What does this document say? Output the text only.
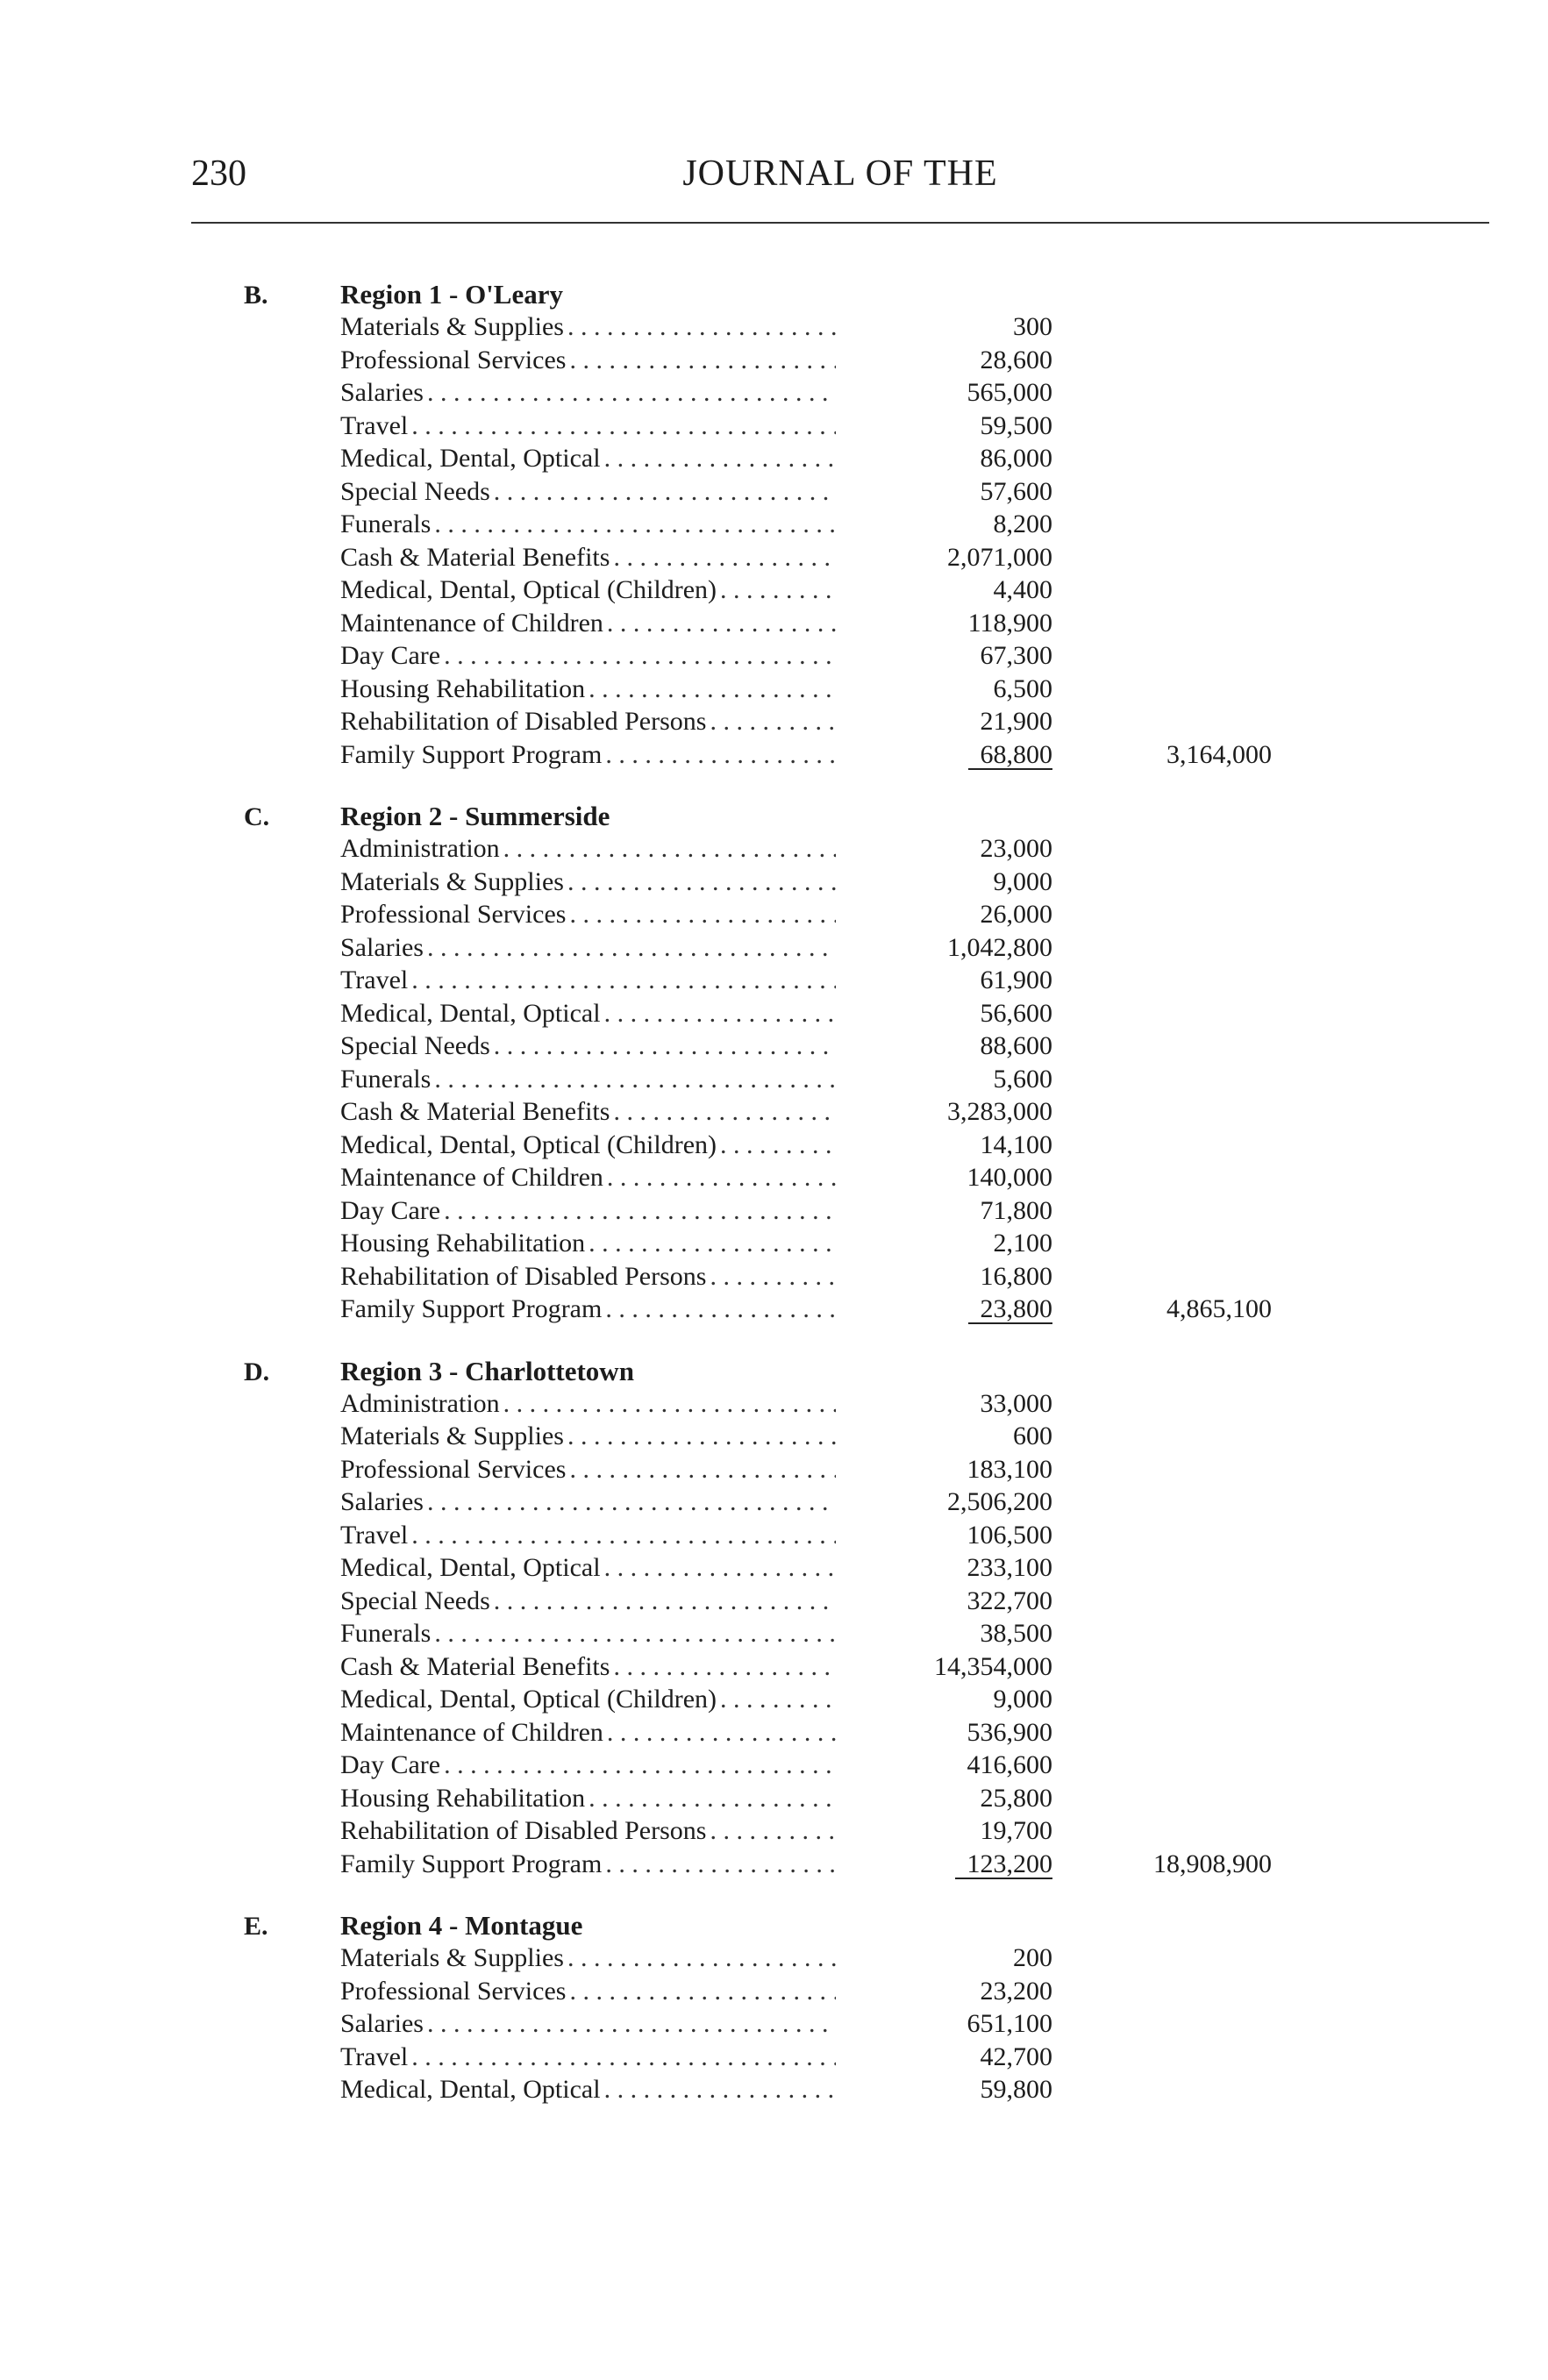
230	JOURNAL OF THE
B.	Region 1 - O'Leary
Materials & Supplies . . .	300
Professional Services . . .	28,600
Salaries . . .	565,000
Travel . . .	59,500
Medical, Dental, Optical . . .	86,000
Special Needs . . .	57,600
Funerals . . .	8,200
Cash & Material Benefits . . .	2,071,000
Medical, Dental, Optical (Children) . . .	4,400
Maintenance of Children . . .	118,900
Day Care . . .	67,300
Housing Rehabilitation . . .	6,500
Rehabilitation of Disabled Persons . . .	21,900
Family Support Program . . .	68,800	3,164,000
C.	Region 2 - Summerside
Administration . . .	23,000
Materials & Supplies . . .	9,000
Professional Services . . .	26,000
Salaries . . .	1,042,800
Travel . . .	61,900
Medical, Dental, Optical . . .	56,600
Special Needs . . .	88,600
Funerals . . .	5,600
Cash & Material Benefits . . .	3,283,000
Medical, Dental, Optical (Children) . . .	14,100
Maintenance of Children . . .	140,000
Day Care . . .	71,800
Housing Rehabilitation . . .	2,100
Rehabilitation of Disabled Persons . . .	16,800
Family Support Program . . .	23,800	4,865,100
D.	Region 3 - Charlottetown
Administration . . .	33,000
Materials & Supplies . . .	600
Professional Services . . .	183,100
Salaries . . .	2,506,200
Travel . . .	106,500
Medical, Dental, Optical . . .	233,100
Special Needs . . .	322,700
Funerals . . .	38,500
Cash & Material Benefits . . .	14,354,000
Medical, Dental, Optical (Children) . . .	9,000
Maintenance of Children . . .	536,900
Day Care . . .	416,600
Housing Rehabilitation . . .	25,800
Rehabilitation of Disabled Persons . . .	19,700
Family Support Program . . .	123,200	18,908,900
E.	Region 4 - Montague
Materials & Supplies . . .	200
Professional Services . . .	23,200
Salaries . . .	651,100
Travel . . .	42,700
Medical, Dental, Optical . . .	59,800
